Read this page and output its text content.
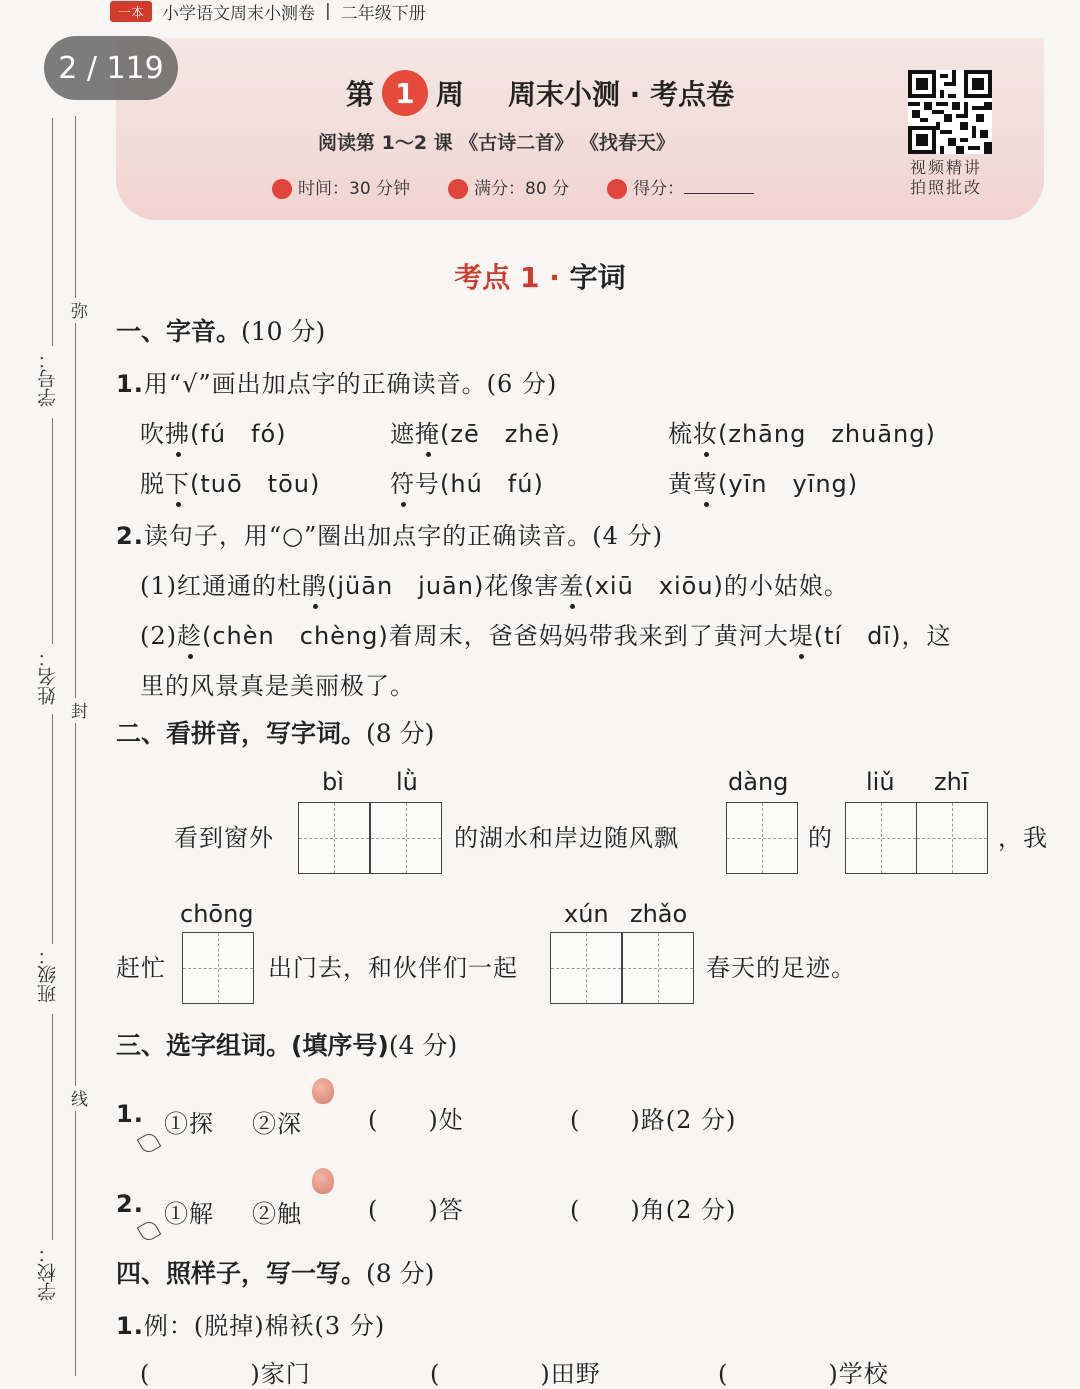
一本	小学语文周末小测卷 | 二年级下册
2 / 119
第 1 周 周末小测 · 考点卷
阅读第 1～2 课 《古诗二首》 《找春天》
时间：30 分钟	满分：80 分	得分：
视频精讲
拍照批改
学号：
姓名：
班级：
学校：
弥
封
线
考点 1 · 字词
一、字音。(10 分)
1.用“√”画出加点字的正确读音。(6 分)
吹拂(fú　fó)	遮掩(zē　zhē)	梳妆(zhāng　zhuāng)
脱下(tuō　tōu)	符号(hú　fú)	黄莺(yīn　yīng)
2.读句子，用“○”圈出加点字的正确读音。(4 分)
(1)红通通的杜鹃(jüān　juān)花像害羞(xiū　xiōu)的小姑娘。
(2)趁(chèn　chèng)着周末，爸爸妈妈带我来到了黄河大堤(tí　dī)，这
里的风景真是美丽极了。
二、看拼音，写字词。(8 分)
bì lǜ	dàng	liǔ zhī
看到窗外	的湖水和岸边随风飘	的	，我
chōng	xún zhǎo
赶忙	出门去，和伙伴们一起	春天的足迹。
三、选字组词。(填序号)(4 分)
1. ①探 ②深	(　　)处	(　　)路(2 分)
2. ①解 ②触	(　　)答	(　　)角(2 分)
四、照样子，写一写。(8 分)
1.例：(脱掉)棉袄(3 分)
(　　　　)家门	(　　　　)田野	(　　　　)学校
